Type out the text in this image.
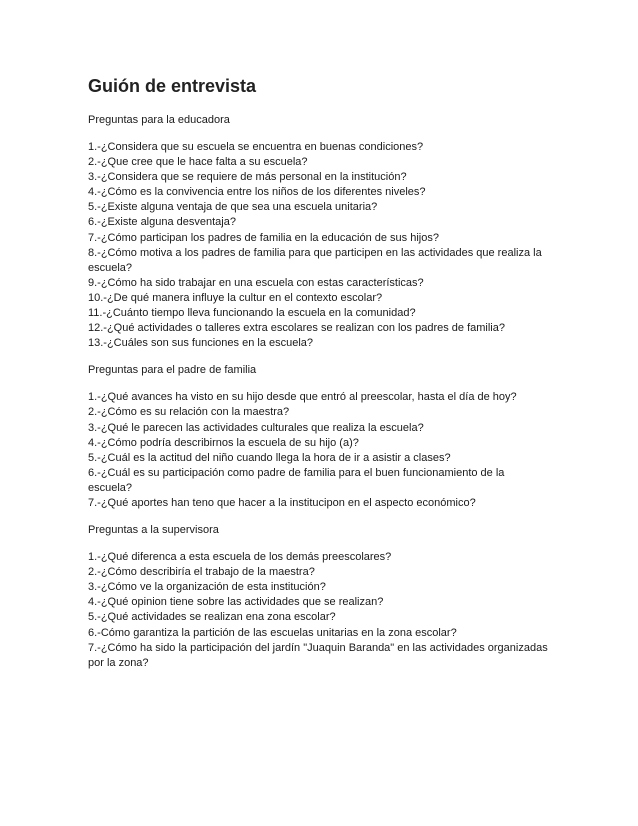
Guión de entrevista

Preguntas para la educadora

1.-¿Considera que su escuela se encuentra en buenas condiciones?
2.-¿Que cree que le hace falta a su escuela?
3.-¿Considera que se requiere de más personal en la institución?
4.-¿Cómo es la convivencia entre los niños de los diferentes niveles?
5.-¿Existe alguna ventaja de que sea una escuela unitaria?
6.-¿Existe alguna desventaja?
7.-¿Cómo participan los padres de familia en la educación de sus hijos?
8.-¿Cómo motiva a los padres de familia para que participen en las actividades que realiza la escuela?
9.-¿Cómo ha sido trabajar en una escuela con estas características?
10.-¿De qué manera influye la cultur en el contexto escolar?
11.-¿Cuánto tiempo lleva funcionando la escuela en la comunidad?
12.-¿Qué actividades o talleres extra escolares se realizan con los padres de familia?
13.-¿Cuáles son sus funciones en la escuela?

Preguntas para el padre de familia

1.-¿Qué avances ha visto en su hijo desde que entró al preescolar, hasta el día de hoy?
2.-¿Cómo es su relación con la maestra?
3.-¿Qué le parecen las actividades culturales que realiza la escuela?
4.-¿Cómo podría describirnos la escuela de su hijo (a)?
5.-¿Cuál es la actitud del niño cuando llega la hora de ir a asistir a clases?
6.-¿Cuál es su participación como padre de familia para el buen funcionamiento de la escuela?
7.-¿Qué aportes han teno que hacer a la institucipon en el aspecto económico?

Preguntas a la supervisora

1.-¿Qué diferenca a esta escuela de los demás preescolares?
2.-¿Cómo describiría el trabajo de la maestra?
3.-¿Cómo ve la organización de esta institución?
4.-¿Qué opinion tiene sobre las actividades que se realizan?
5.-¿Qué actividades se realizan ena zona escolar?
6.-Cómo garantiza la partición de las escuelas unitarias en la zona escolar?
7.-¿Cómo ha sido la participación del jardín "Juaquin Baranda" en las actividades organizadas por la zona?
